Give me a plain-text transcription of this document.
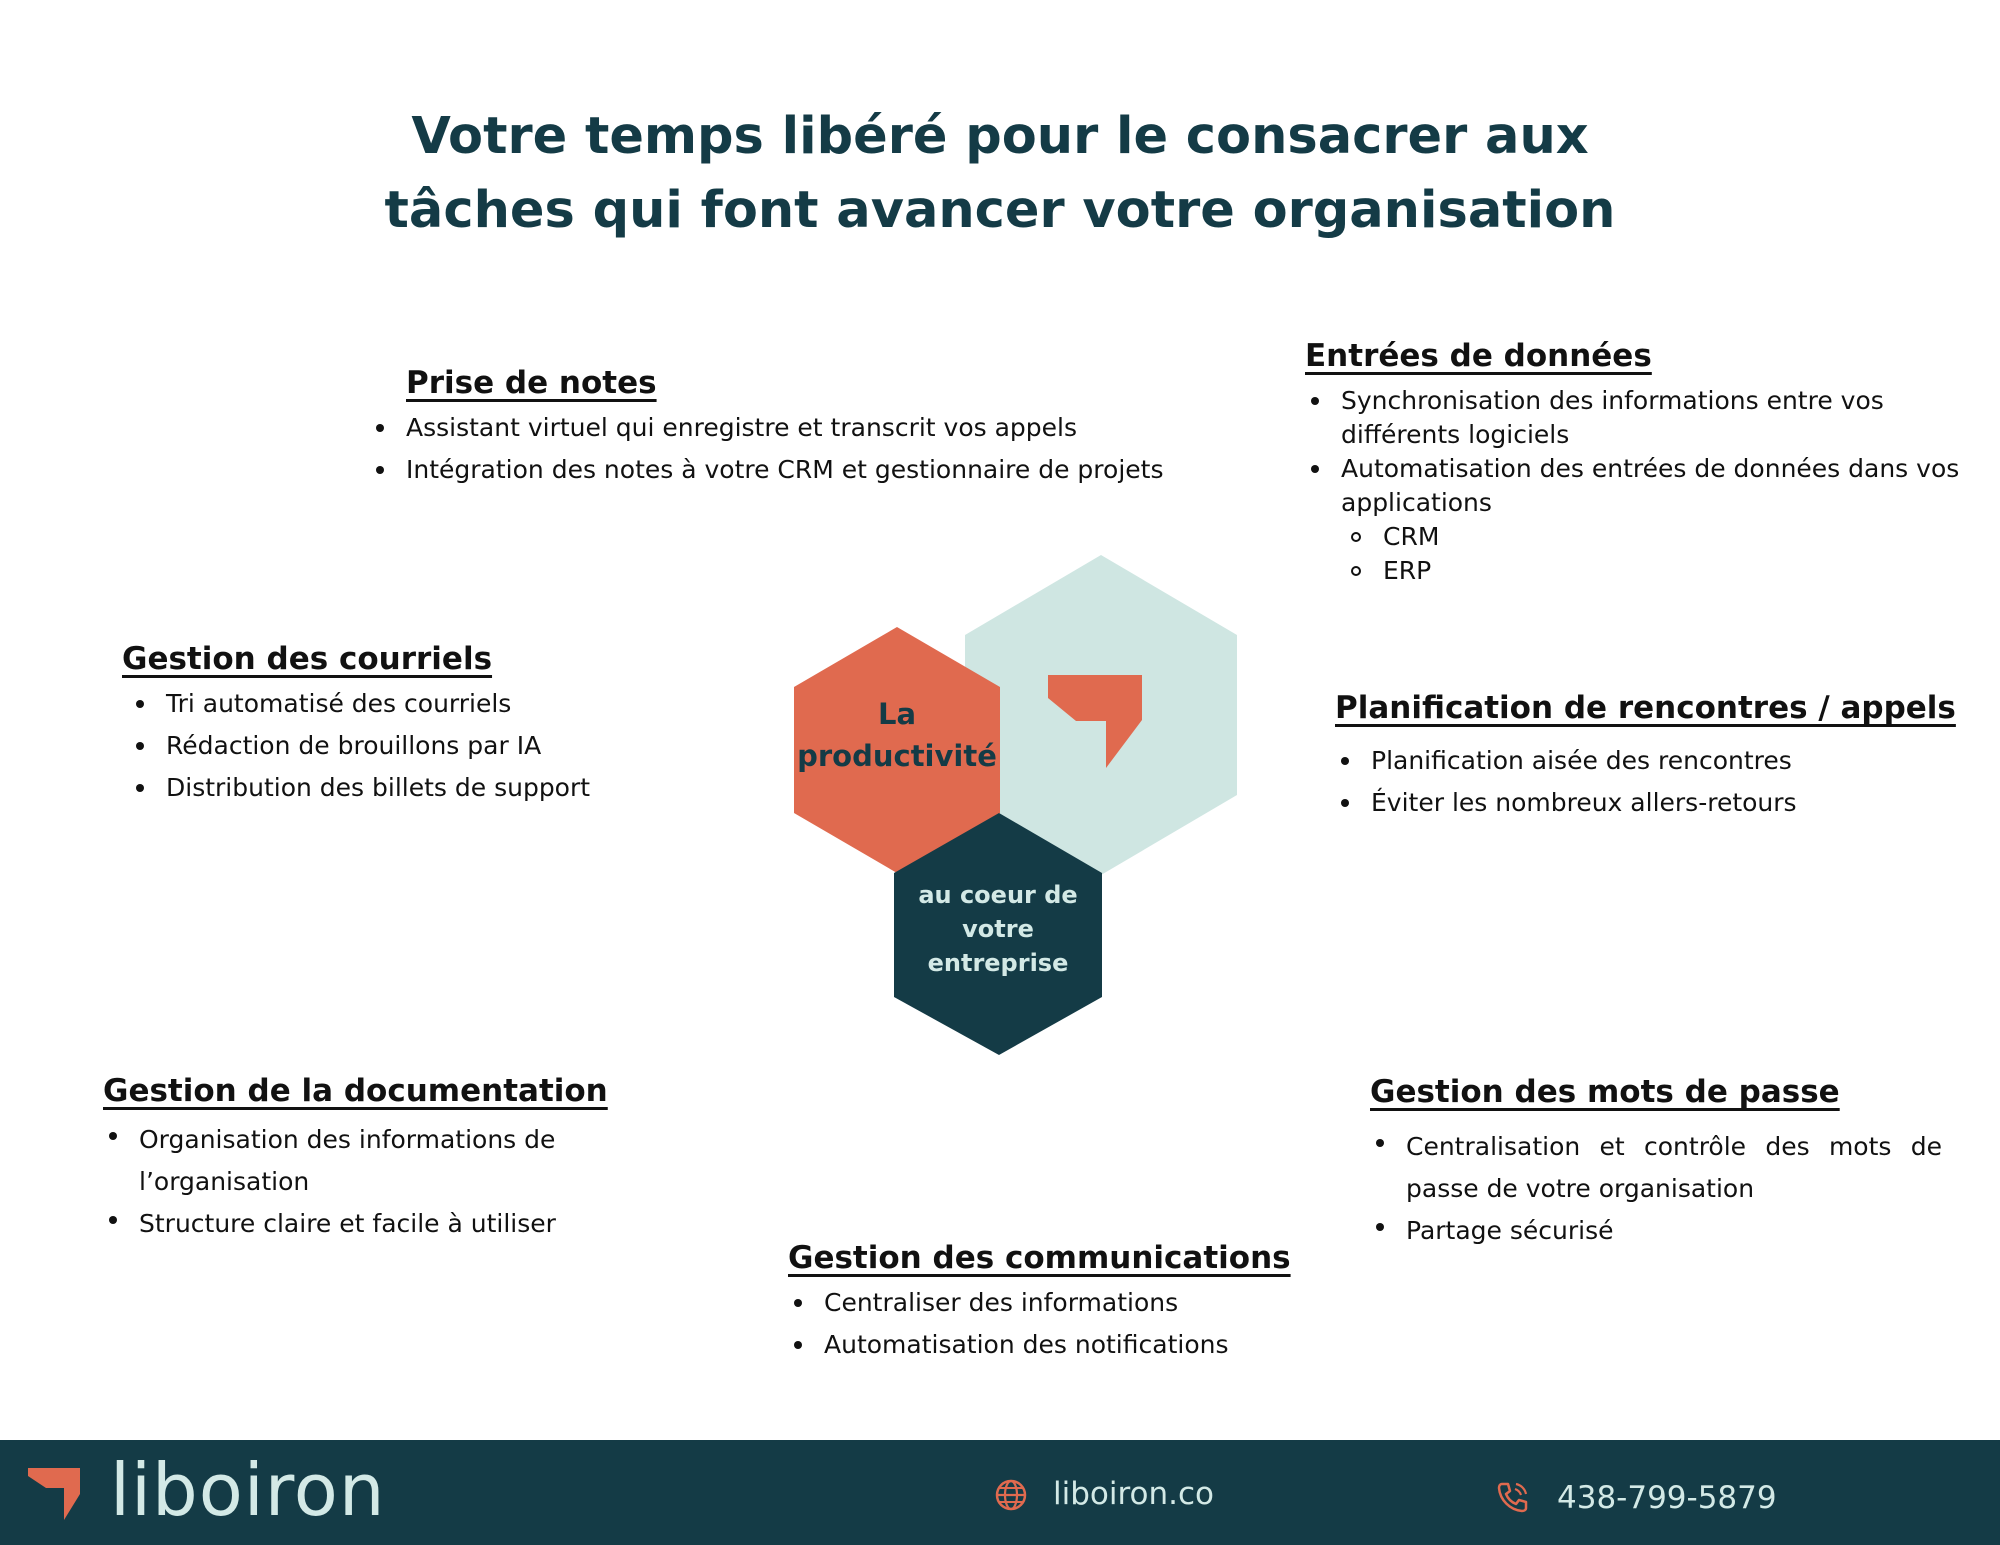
Votre temps libéré pour le consacrer aux
tâches qui font avancer votre organisation
Prise de notes
Assistant virtuel qui enregistre et transcrit vos appels
Intégration des notes à votre CRM et gestionnaire de projets
Entrées de données
Synchronisation des informations entre vos différents logiciels
Automatisation des entrées de données dans vos applications
CRM
ERP
Gestion des courriels
Tri automatisé des courriels
Rédaction de brouillons par IA
Distribution des billets de support
Planification de rencontres / appels
Planification aisée des rencontres
Éviter les nombreux allers-retours
Gestion de la documentation
Organisation des informations de l’organisation
Structure claire et facile à utiliser
Gestion des mots de passe
Centralisation et contrôle des mots de passe de votre organisation
Partage sécurisé
Gestion des communications
Centraliser des informations
Automatisation des notifications

La
productivité

au coeur de
votre
entreprise

liboiron	liboiron.co	438-799-5879
